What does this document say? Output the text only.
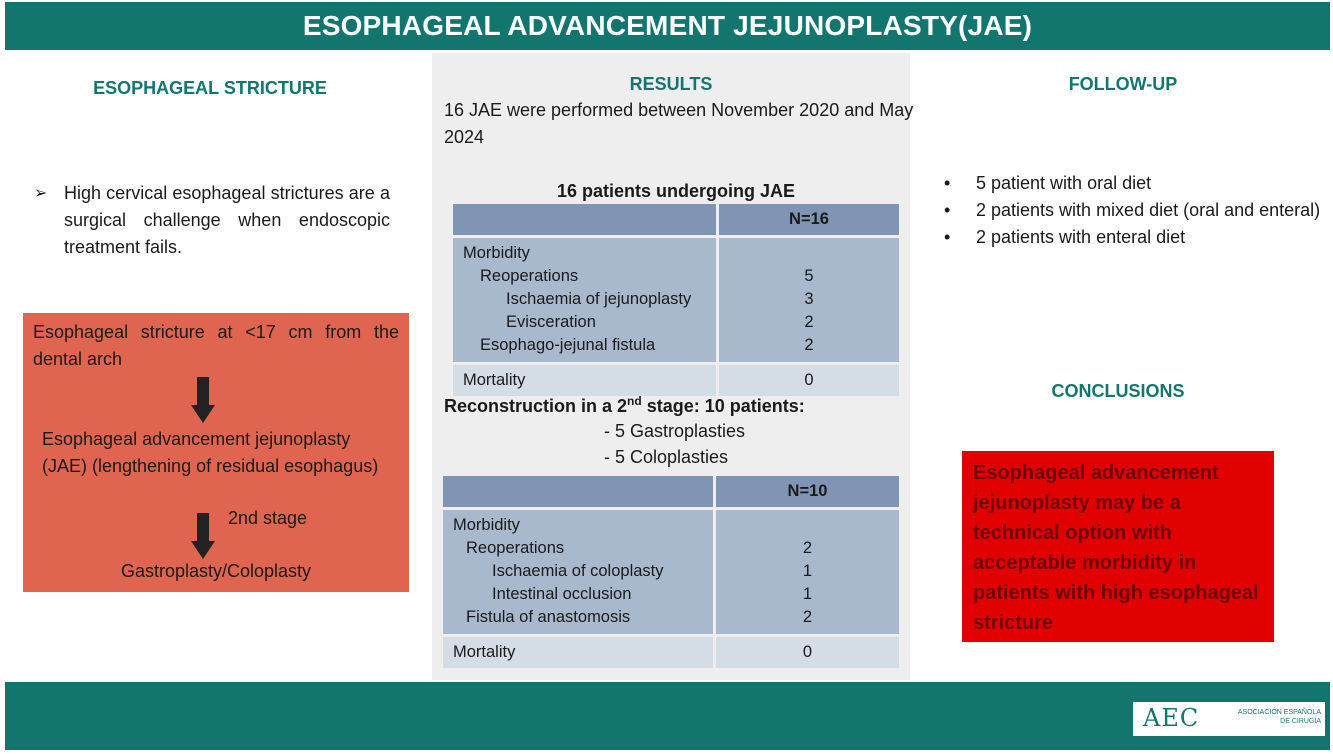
ESOPHAGEAL ADVANCEMENT JEJUNOPLASTY(JAE)
ESOPHAGEAL STRICTURE
➢ High cervical esophageal strictures are a surgical challenge when endoscopic treatment fails.
Esophageal stricture at <17 cm from the dental arch
Esophageal advancement jejunoplasty (JAE) (lengthening of residual esophagus)
2nd stage
Gastroplasty/Coloplasty
RESULTS
16 JAE were performed between November 2020 and May 2024
16 patients undergoing JAE
N=16
Morbidity
Reoperations	5
Ischaemia of jejunoplasty	3
Evisceration	2
Esophago-jejunal fistula	2
Mortality	0
Reconstruction in a 2nd stage: 10 patients:
- 5 Gastroplasties
- 5 Coloplasties
N=10
Morbidity
Reoperations	2
Ischaemia of coloplasty	1
Intestinal occlusion	1
Fistula of anastomosis	2
Mortality	0
FOLLOW-UP
• 5 patient with oral diet
• 2 patients with mixed diet (oral and enteral)
• 2 patients with enteral diet
CONCLUSIONS
Esophageal advancement jejunoplasty may be a technical option with acceptable morbidity in patients with high esophageal stricture
AEC	ASOCIACIÓN ESPAÑOLA
DE CIRUGÍA
